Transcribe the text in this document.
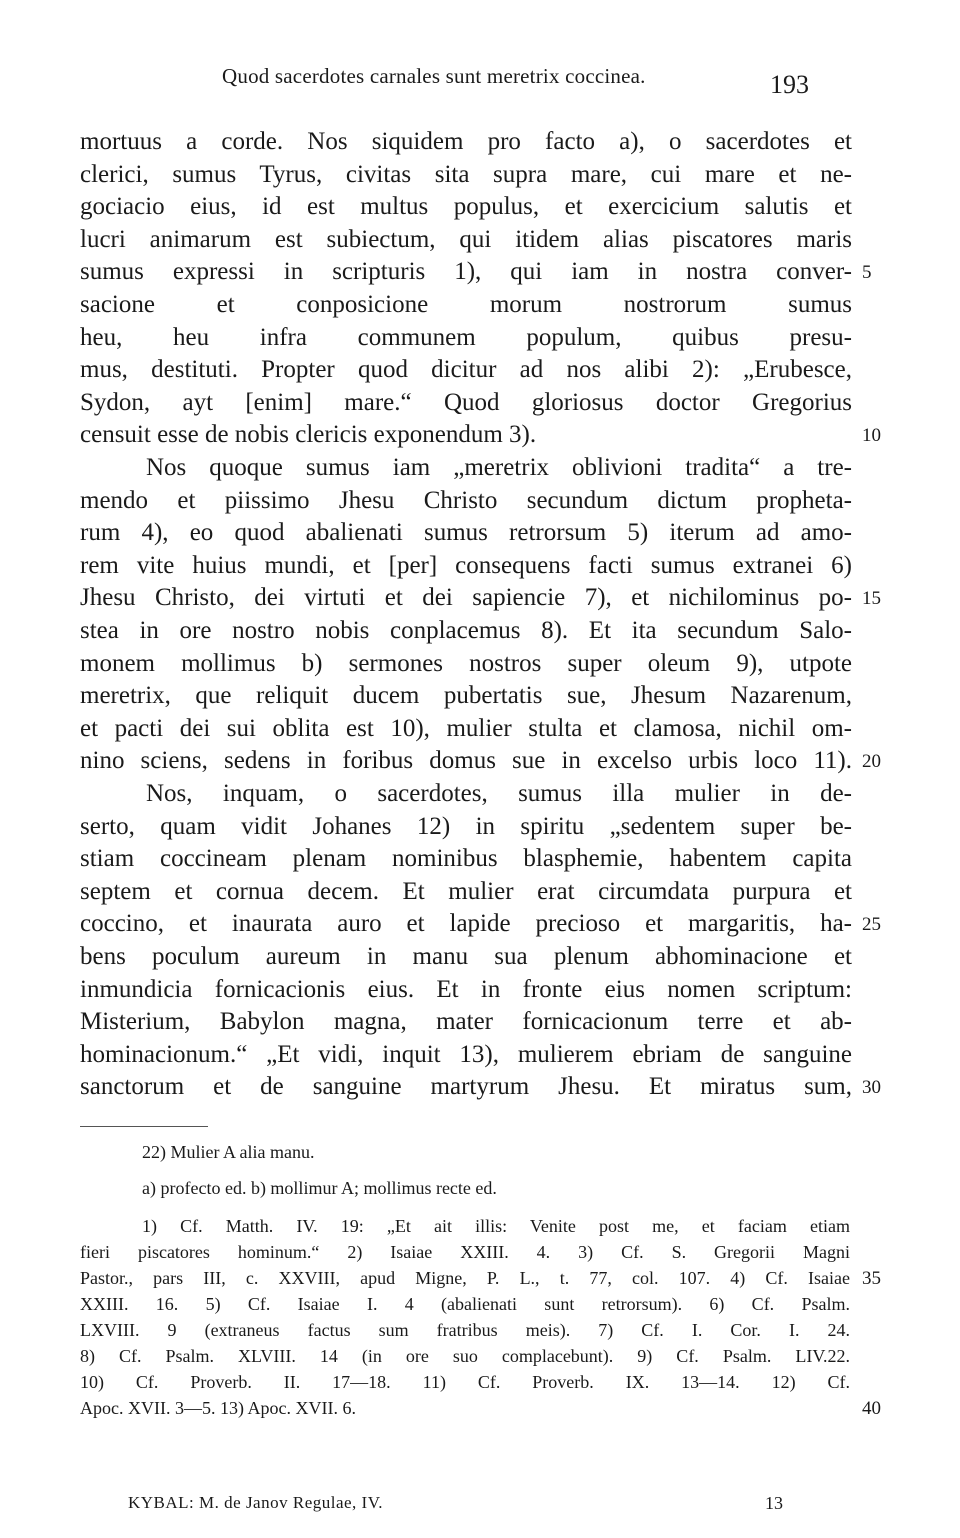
Quod sacerdotes carnales sunt meretrix coccinea.	193
mortuus a corde. Nos siquidem pro facto a), o sacerdotes et
clerici, sumus Tyrus, civitas sita supra mare, cui mare et ne-
gociacio eius, id est multus populus, et exercicium salutis et
lucri animarum est subiectum, qui itidem alias piscatores maris
sumus expressi in scripturis 1), qui iam in nostra conver- 5
sacione et conposicione morum nostrorum sumus
heu, heu infra communem populum, quibus presu-
mus, destituti. Propter quod dicitur ad nos alibi 2): „Erubesce,
Sydon, ayt [enim] mare.“ Quod gloriosus doctor Gregorius
censuit esse de nobis clericis exponendum 3).	10
Nos quoque sumus iam „meretrix oblivioni tradita“ a tre-
mendo et piissimo Jhesu Christo secundum dictum propheta-
rum 4), eo quod abalienati sumus retrorsum 5) iterum ad amo-
rem vite huius mundi, et [per] consequens facti sumus extranei 6)
Jhesu Christo, dei virtuti et dei sapiencie 7), et nichilominus po- 15
stea in ore nostro nobis conplacemus 8). Et ita secundum Salo-
monem mollimus b) sermones nostros super oleum 9), utpote
meretrix, que reliquit ducem pubertatis sue, Jhesum Nazarenum,
et pacti dei sui oblita est 10), mulier stulta et clamosa, nichil om-
nino sciens, sedens in foribus domus sue in excelso urbis loco 11). 20
Nos, inquam, o sacerdotes, sumus illa mulier in de-
serto, quam vidit Johanes 12) in spiritu „sedentem super be-
stiam coccineam plenam nominibus blasphemie, habentem capita
septem et cornua decem. Et mulier erat circumdata purpura et
coccino, et inaurata auro et lapide precioso et margaritis, ha- 25
bens poculum aureum in manu sua plenum abhominacione et
inmundicia fornicacionis eius. Et in fronte eius nomen scriptum:
Misterium, Babylon magna, mater fornicacionum terre et ab-
hominacionum.“ „Et vidi, inquit 13), mulierem ebriam de sanguine
sanctorum et de sanguine martyrum Jhesu. Et miratus sum, 30
22) Mulier A alia manu.
a) profecto ed. b) mollimur A; mollimus recte ed.
1) Cf. Matth. IV. 19: „Et ait illis: Venite post me, et faciam etiam
fieri piscatores hominum.“ 2) Isaiae XXIII. 4. 3) Cf. S. Gregorii Magni
Pastor., pars III, c. XXVIII, apud Migne, P. L., t. 77, col. 107. 4) Cf. Isaiae 35
XXIII. 16. 5) Cf. Isaiae I. 4 (abalienati sunt retrorsum). 6) Cf. Psalm.
LXVIII. 9 (extraneus factus sum fratribus meis). 7) Cf. I. Cor. I. 24.
8) Cf. Psalm. XLVIII. 14 (in ore suo complacebunt). 9) Cf. Psalm. LIV.22.
10) Cf. Proverb. II. 17—18. 11) Cf. Proverb. IX. 13—14. 12) Cf.
Apoc. XVII. 3—5. 13) Apoc. XVII. 6.	40
KYBAL: M. de Janov Regulae, IV.	13
